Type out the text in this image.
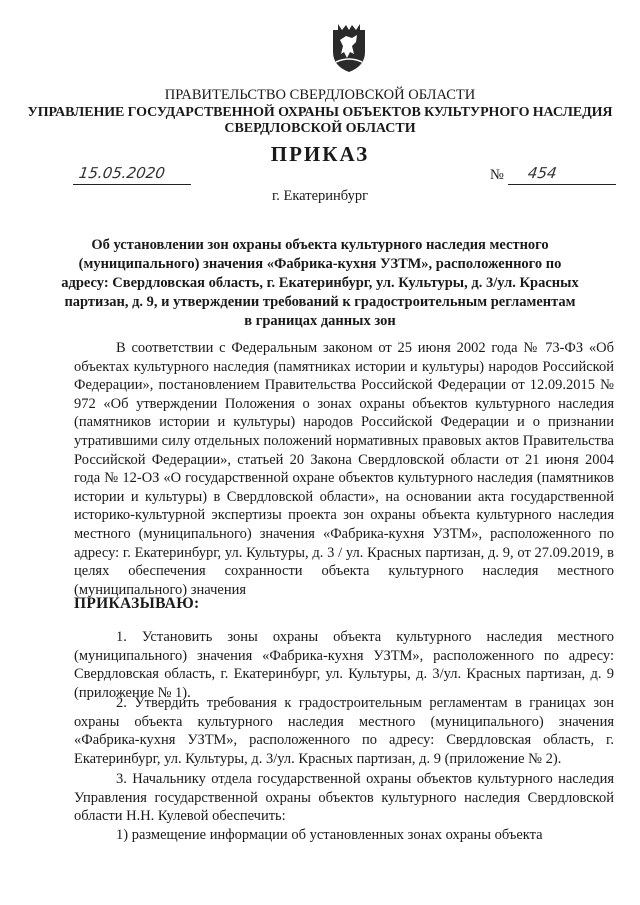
ПРАВИТЕЛЬСТВО СВЕРДЛОВСКОЙ ОБЛАСТИ
УПРАВЛЕНИЕ ГОСУДАРСТВЕННОЙ ОХРАНЫ ОБЪЕКТОВ КУЛЬТУРНОГО НАСЛЕДИЯ
СВЕРДЛОВСКОЙ ОБЛАСТИ
ПРИКАЗ
15.05.2020	№ 454
г. Екатеринбург
Об установлении зон охраны объекта культурного наследия местного (муниципального) значения «Фабрика-кухня УЗТМ», расположенного по адресу: Свердловская область, г. Екатеринбург, ул. Культуры, д. 3/ул. Красных партизан, д. 9, и утверждении требований к градостроительным регламентам в границах данных зон

В соответствии с Федеральным законом от 25 июня 2002 года № 73-ФЗ «Об объектах культурного наследия (памятниках истории и культуры) народов Российской Федерации», постановлением Правительства Российской Федерации от 12.09.2015 № 972 «Об утверждении Положения о зонах охраны объектов культурного наследия (памятников истории и культуры) народов Российской Федерации и о признании утратившими силу отдельных положений нормативных правовых актов Правительства Российской Федерации», статьей 20 Закона Свердловской области от 21 июня 2004 года № 12-ОЗ «О государственной охране объектов культурного наследия (памятников истории и культуры) в Свердловской области», на основании акта государственной историко-культурной экспертизы проекта зон охраны объекта культурного наследия местного (муниципального) значения «Фабрика-кухня УЗТМ», расположенного по адресу: г. Екатеринбург, ул. Культуры, д. 3 / ул. Красных партизан, д. 9, от 27.09.2019, в целях обеспечения сохранности объекта культурного наследия местного (муниципального) значения

ПРИКАЗЫВАЮ:

1. Установить зоны охраны объекта культурного наследия местного (муниципального) значения «Фабрика-кухня УЗТМ», расположенного по адресу: Свердловская область, г. Екатеринбург, ул. Культуры, д. 3/ул. Красных партизан, д. 9 (приложение № 1).

2. Утвердить требования к градостроительным регламентам в границах зон охраны объекта культурного наследия местного (муниципального) значения «Фабрика-кухня УЗТМ», расположенного по адресу: Свердловская область, г. Екатеринбург, ул. Культуры, д. 3/ул. Красных партизан, д. 9 (приложение № 2).

3. Начальнику отдела государственной охраны объектов культурного наследия Управления государственной охраны объектов культурного наследия Свердловской области Н.Н. Кулевой обеспечить:

1) размещение информации об установленных зонах охраны объекта
